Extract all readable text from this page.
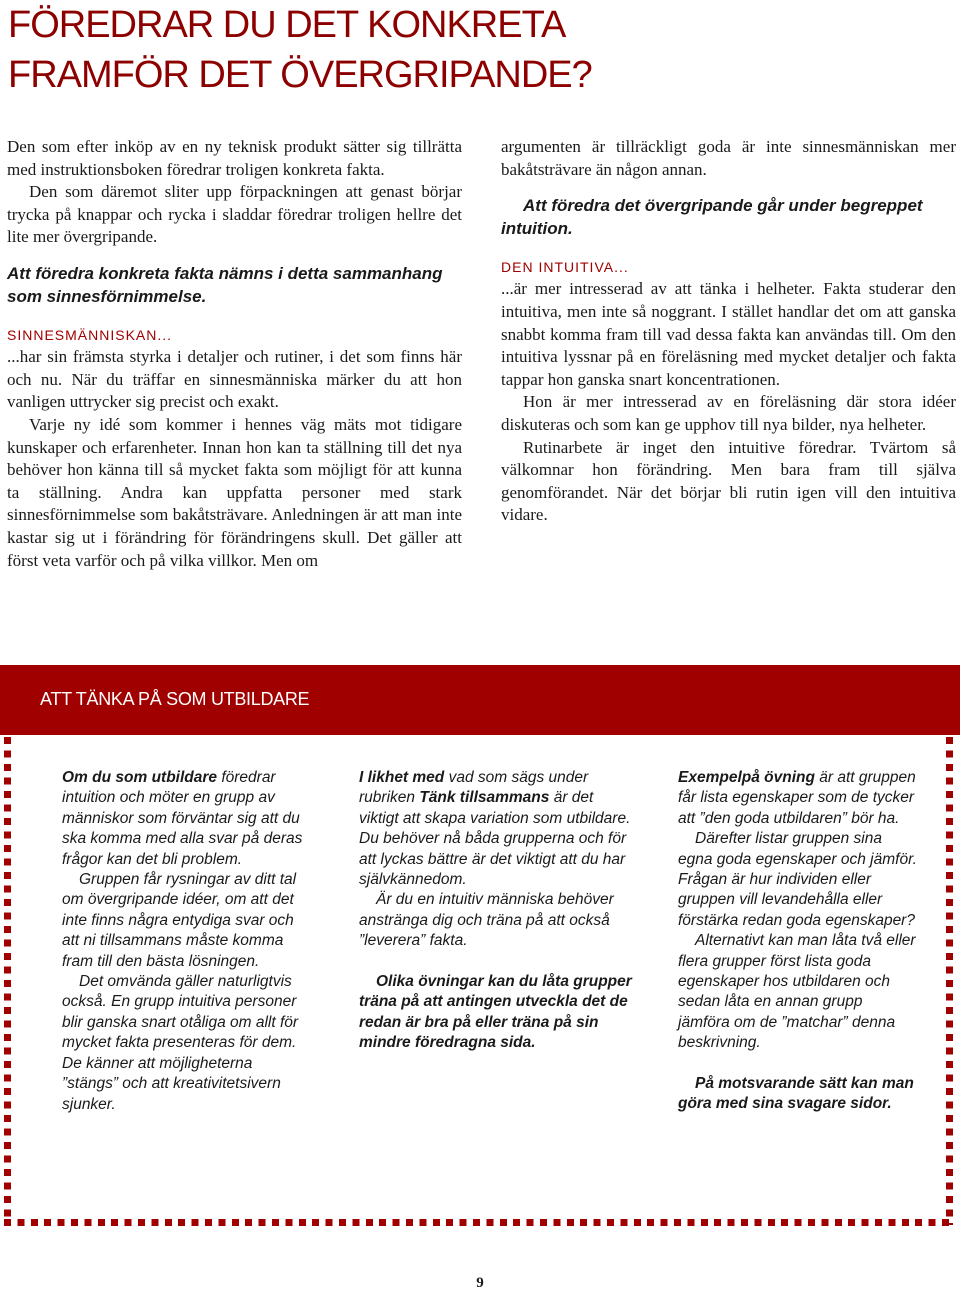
FÖREDRAR DU DET KONKRETA
FRAMFÖR DET ÖVERGRIPANDE?

Den som efter inköp av en ny teknisk produkt sätter sig tillrätta med instruktionsboken föredrar troligen konkreta fakta.

Den som däremot sliter upp förpackningen att genast börjar trycka på knappar och rycka i sladdar föredrar troligen hellre det lite mer övergripande.

Att föredra konkreta fakta nämns i detta sammanhang som sinnesförnimmelse.

SINNESMÄNNISKAN...

...har sin främsta styrka i detaljer och rutiner, i det som finns här och nu. När du träffar en sinnesmänniska märker du att hon vanligen uttrycker sig precist och exakt.

Varje ny idé som kommer i hennes väg mäts mot tidigare kunskaper och erfarenheter. Innan hon kan ta ställning till det nya behöver hon känna till så mycket fakta som möjligt för att kunna ta ställning. Andra kan uppfatta personer med stark sinnesförnimmelse som bakåtsträvare. Anledningen är att man inte kastar sig ut i förändring för förändringens skull. Det gäller att först veta varför och på vilka villkor. Men om

argumenten är tillräckligt goda är inte sinnesmänniskan mer bakåtsträvare än någon annan.

Att föredra det övergripande går under begreppet intuition.

DEN INTUITIVA...

...är mer intresserad av att tänka i helheter. Fakta studerar den intuitiva, men inte så noggrant. I stället handlar det om att ganska snabbt komma fram till vad dessa fakta kan användas till. Om den intuitiva lyssnar på en föreläsning med mycket detaljer och fakta tappar hon ganska snart koncentrationen.

Hon är mer intresserad av en föreläsning där stora idéer diskuteras och som kan ge upphov till nya bilder, nya helheter.

Rutinarbete är inget den intuitive föredrar. Tvärtom så välkomnar hon förändring. Men bara fram till själva genomförandet. När det börjar bli rutin igen vill den intuitiva vidare.

ATT TÄNKA PÅ SOM UTBILDARE

Om du som utbildare föredrar intuition och möter en grupp av människor som förväntar sig att du ska komma med alla svar på deras frågor kan det bli problem.

Gruppen får rysningar av ditt tal om övergripande idéer, om att det inte finns några entydiga svar och att ni tillsammans måste komma fram till den bästa lösningen.

Det omvända gäller naturligtvis också. En grupp intuitiva personer blir ganska snart otåliga om allt för mycket fakta presenteras för dem. De känner att möjligheterna ”stängs” och att kreativitetsivern sjunker.

I likhet med vad som sägs under rubriken Tänk tillsammans är det viktigt att skapa variation som utbildare. Du behöver nå båda grupperna och för att lyckas bättre är det viktigt att du har självkännedom.

Är du en intuitiv människa behöver anstränga dig och träna på att också ”leverera” fakta.

Olika övningar kan du låta grupper träna på att antingen utveckla det de redan är bra på eller träna på sin mindre föredragna sida.

Exempelpå övning är att gruppen får lista egenskaper som de tycker att ”den goda utbildaren” bör ha.

Därefter listar gruppen sina egna goda egenskaper och jämför. Frågan är hur individen eller gruppen vill levandehålla eller förstärka redan goda egenskaper?

Alternativt kan man låta två eller flera grupper först lista goda egenskaper hos utbildaren och sedan låta en annan grupp jämföra om de ”matchar” denna beskrivning.

På motsvarande sätt kan man göra med sina svagare sidor.

9
